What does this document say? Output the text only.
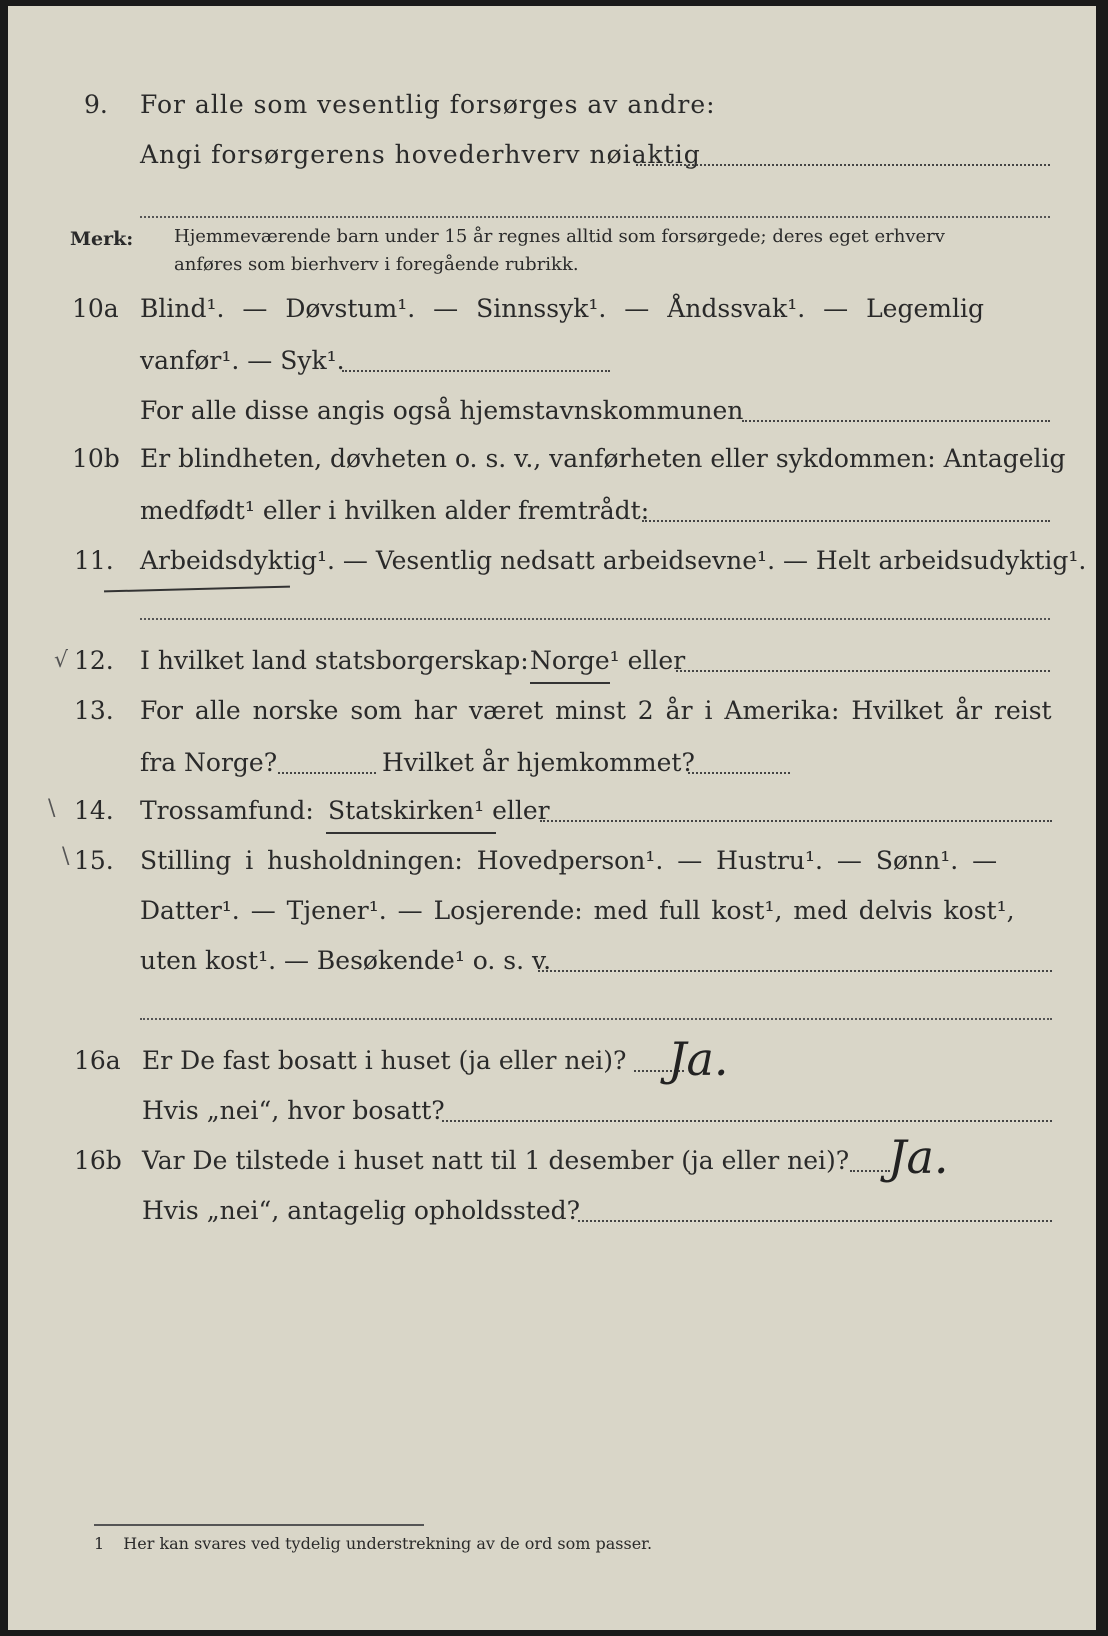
9.	For alle som vesentlig forsørges av andre:
Angi forsørgerens hovederhverv nøiaktig
Merk: Hjemmeværende barn under 15 år regnes alltid som forsørgede; deres eget erhverv
anføres som bierhverv i foregående rubrikk.
10a Blind¹. — Døvstum¹. — Sinnssyk¹. — Åndssvak¹. — Legemlig
vanfør¹. — Syk¹.
For alle disse angis også hjemstavnskommunen
10b Er blindheten, døvheten o. s. v., vanførheten eller sykdommen: Antagelig
medfødt¹ eller i hvilken alder fremtrådt:
11.	Arbeidsdyktig¹. — Vesentlig nedsatt arbeidsevne¹. — Helt arbeidsudyktig¹.
√ 12.	I hvilket land statsborgerskap: Norge¹ eller
13.	For alle norske som har været minst 2 år i Amerika: Hvilket år reist
fra Norge?	Hvilket år hjemkommet?
\ 14.	Trossamfund: Statskirken¹ eller
\ 15.	Stilling i husholdningen: Hovedperson¹. — Hustru¹. — Sønn¹. —
Datter¹. — Tjener¹. — Losjerende: med full kost¹, med delvis kost¹,
uten kost¹. — Besøkende¹ o. s. v.
16a Er De fast bosatt i huset (ja eller nei)? Ja.
Hvis „nei“, hvor bosatt?
16b Var De tilstede i huset natt til 1 desember (ja eller nei)? Ja.
Hvis „nei“, antagelig opholdssted?
1 Her kan svares ved tydelig understrekning av de ord som passer.
